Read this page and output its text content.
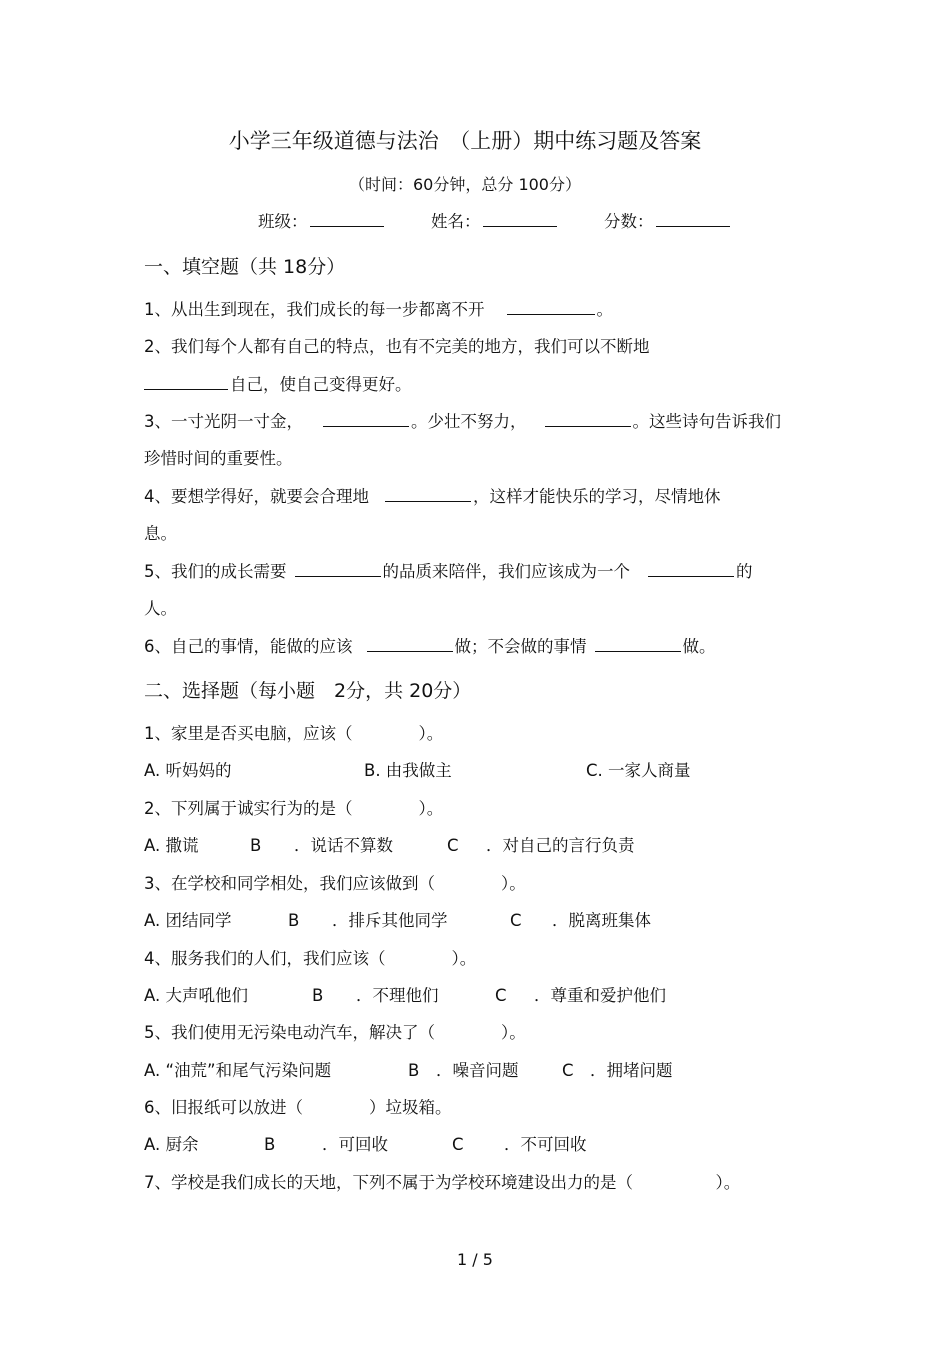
小学三年级道德与法治　（上册）期中练习题及答案
（时间：60分钟，总分 100分）
班级：	姓名：	分数：
一、填空题（共 18分）
1、从出生到现在，我们成长的每一步都离不开	。
2、我们每个人都有自己的特点，也有不完美的地方，我们可以不断地
自己，使自己变得更好。
3、一寸光阴一寸金，	。少壮不努力，	。这些诗句告诉我们
珍惜时间的重要性。
4、要想学得好，就要会合理地	，这样才能快乐的学习，尽情地休
息。
5、我们的成长需要	的品质来陪伴，我们应该成为一个	的
人。
6、自己的事情，能做的应该	做；不会做的事情	做。
二、选择题（每小题　2分，共 20分）
1、家里是否买电脑，应该（　　　　）。
A. 听妈妈的	B. 由我做主	C. 一家人商量
2、下列属于诚实行为的是（　　　　）。
A. 撒谎	B ．说话不算数	C ．对自己的言行负责
3、在学校和同学相处，我们应该做到（　　　　）。
A. 团结同学	B ．排斥其他同学	C ．脱离班集体
4、服务我们的人们，我们应该（　　　　）。
A. 大声吼他们	B ．不理他们	C ．尊重和爱护他们
5、我们使用无污染电动汽车，解决了（　　　　）。
A. “油荒”和尾气污染问题	B ．噪音问题	C ．拥堵问题
6、旧报纸可以放进（　　　　）垃圾箱。
A. 厨余	B	．可回收	C ．不可回收
7、学校是我们成长的天地，下列不属于为学校环境建设出力的是（　　　　　）。
1 / 5
